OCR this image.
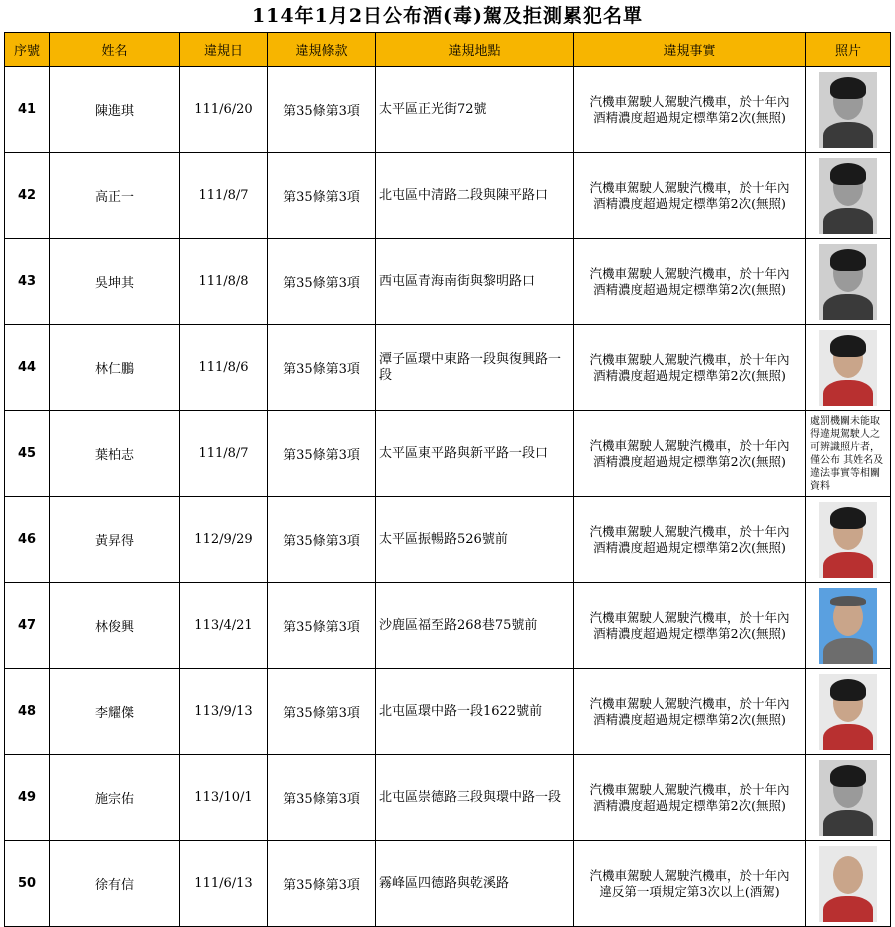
114年1月2日公布酒(毒)駕及拒測累犯名單
序號	姓名	違規日	違規條款	違規地點	違規事實	照片
41	陳進琪	111/6/20	第35條第3項	太平區正光街72號	汽機車駕駛人駕駛汽機車，於十年內
酒精濃度超過規定標準第2次(無照)	

42	高正一	111/8/7	第35條第3項	北屯區中清路二段與陳平路口	汽機車駕駛人駕駛汽機車，於十年內
酒精濃度超過規定標準第2次(無照)	

43	吳坤其	111/8/8	第35條第3項	西屯區青海南街與黎明路口	汽機車駕駛人駕駛汽機車，於十年內
酒精濃度超過規定標準第2次(無照)	

44	林仁鵬	111/8/6	第35條第3項	潭子區環中東路一段與復興路一段	汽機車駕駛人駕駛汽機車，於十年內
酒精濃度超過規定標準第2次(無照)	

45	葉柏志	111/8/7	第35條第3項	太平區東平路與新平路一段口	汽機車駕駛人駕駛汽機車，於十年內
酒精濃度超過規定標準第2次(無照)	處罰機關未能取得違規駕駛人之可辨識照片者，僅公布 其姓名及違法事實等相關資料

46	黃昇得	112/9/29	第35條第3項	太平區振暢路526號前	汽機車駕駛人駕駛汽機車，於十年內
酒精濃度超過規定標準第2次(無照)	

47	林俊興	113/4/21	第35條第3項	沙鹿區福至路268巷75號前	汽機車駕駛人駕駛汽機車，於十年內
酒精濃度超過規定標準第2次(無照)	

48	李耀傑	113/9/13	第35條第3項	北屯區環中路一段1622號前	汽機車駕駛人駕駛汽機車，於十年內
酒精濃度超過規定標準第2次(無照)	

49	施宗佑	113/10/1	第35條第3項	北屯區崇德路三段與環中路一段	汽機車駕駛人駕駛汽機車，於十年內
酒精濃度超過規定標準第2次(無照)	

50	徐有信	111/6/13	第35條第3項	霧峰區四德路與乾溪路	汽機車駕駛人駕駛汽機車，於十年內
違反第一項規定第3次以上(酒駕)	
